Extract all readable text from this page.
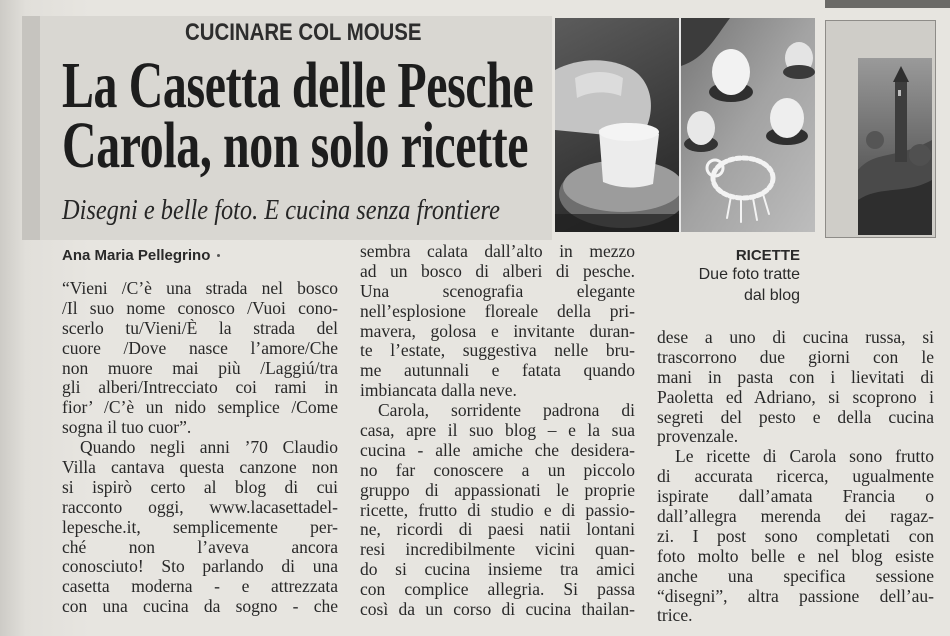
CUCINARE COL MOUSE
La Casetta delle Pesche
Carola, non solo ricette
Disegni e belle foto. E cucina senza frontiere
Ana Maria Pellegrino	RICETTE
Due foto tratte
dal blog
“Vieni /C’è una strada nel bosco
/Il suo nome conosco /Vuoi cono-
scerlo tu/Vieni/È la strada del
cuore /Dove nasce l’amore/Che
non muore mai più /Laggiú/tra
gli alberi/Intrecciato coi rami in
fior’ /C’è un nido semplice /Come
sogna il tuo cuor”.
Quando negli anni ’70 Claudio
Villa cantava questa canzone non
si ispirò certo al blog di cui
racconto oggi, www.lacasettadel-
lepesche.it, semplicemente per-
ché non l’aveva ancora
conosciuto! Sto parlando di una
casetta moderna - e attrezzata
con una cucina da sogno - che
sembra calata dall’alto in mezzo
ad un bosco di alberi di pesche.
Una scenografia elegante
nell’esplosione floreale della pri-
mavera, golosa e invitante duran-
te l’estate, suggestiva nelle bru-
me autunnali e fatata quando
imbiancata dalla neve.
Carola, sorridente padrona di
casa, apre il suo blog – e la sua
cucina - alle amiche che desidera-
no far conoscere a un piccolo
gruppo di appassionati le proprie
ricette, frutto di studio e di passio-
ne, ricordi di paesi natii lontani
resi incredibilmente vicini quan-
do si cucina insieme tra amici
con complice allegria. Si passa
così da un corso di cucina thailan-
dese a uno di cucina russa, si
trascorrono due giorni con le
mani in pasta con i lievitati di
Paoletta ed Adriano, si scoprono i
segreti del pesto e della cucina
provenzale.
Le ricette di Carola sono frutto
di accurata ricerca, ugualmente
ispirate dall’amata Francia o
dall’allegra merenda dei ragaz-
zi. I post sono completati con
foto molto belle e nel blog esiste
anche una specifica sessione
“disegni”, altra passione dell’au-
trice.
